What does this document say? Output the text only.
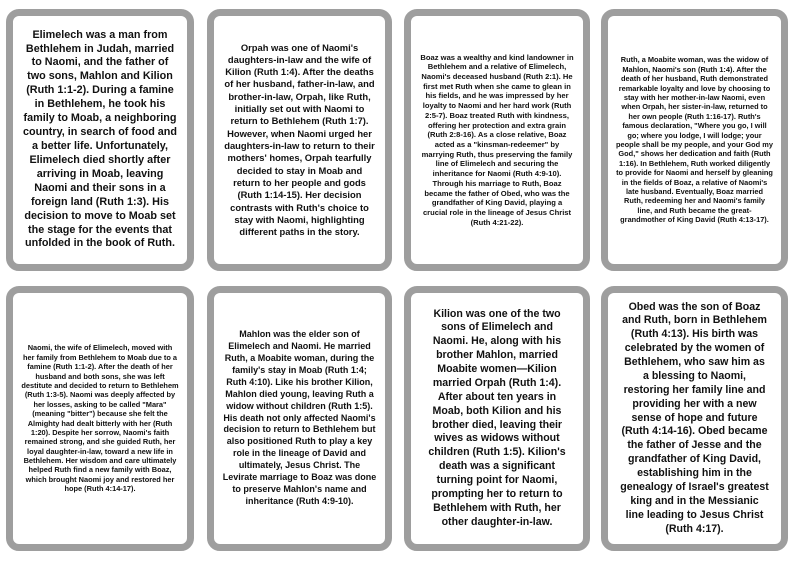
Elimelech was a man from Bethlehem in Judah, married to Naomi, and the father of two sons, Mahlon and Kilion (Ruth 1:1-2). During a famine in Bethlehem, he took his family to Moab, a neighboring country, in search of food and a better life. Unfortunately, Elimelech died shortly after arriving in Moab, leaving Naomi and their sons in a foreign land (Ruth 1:3). His decision to move to Moab set the stage for the events that unfolded in the book of Ruth.

Orpah was one of Naomi's daughters-in-law and the wife of Kilion (Ruth 1:4). After the deaths of her husband, father-in-law, and brother-in-law, Orpah, like Ruth, initially set out with Naomi to return to Bethlehem (Ruth 1:7). However, when Naomi urged her daughters-in-law to return to their mothers' homes, Orpah tearfully decided to stay in Moab and return to her people and gods (Ruth 1:14-15). Her decision contrasts with Ruth's choice to stay with Naomi, highlighting different paths in the story.

Boaz was a wealthy and kind landowner in Bethlehem and a relative of Elimelech, Naomi's deceased husband (Ruth 2:1). He first met Ruth when she came to glean in his fields, and he was impressed by her loyalty to Naomi and her hard work (Ruth 2:5-7). Boaz treated Ruth with kindness, offering her protection and extra grain (Ruth 2:8-16). As a close relative, Boaz acted as a "kinsman-redeemer" by marrying Ruth, thus preserving the family line of Elimelech and securing the inheritance for Naomi (Ruth 4:9-10). Through his marriage to Ruth, Boaz became the father of Obed, who was the grandfather of King David, playing a crucial role in the lineage of Jesus Christ (Ruth 4:21-22).

Ruth, a Moabite woman, was the widow of Mahlon, Naomi's son (Ruth 1:4). After the death of her husband, Ruth demonstrated remarkable loyalty and love by choosing to stay with her mother-in-law Naomi, even when Orpah, her sister-in-law, returned to her own people (Ruth 1:16-17). Ruth's famous declaration, "Where you go, I will go; where you lodge, I will lodge; your people shall be my people, and your God my God," shows her dedication and faith (Ruth 1:16). In Bethlehem, Ruth worked diligently to provide for Naomi and herself by gleaning in the fields of Boaz, a relative of Naomi's late husband. Eventually, Boaz married Ruth, redeeming her and Naomi's family line, and Ruth became the great-grandmother of King David (Ruth 4:13-17).

Naomi, the wife of Elimelech, moved with her family from Bethlehem to Moab due to a famine (Ruth 1:1-2). After the death of her husband and both sons, she was left destitute and decided to return to Bethlehem (Ruth 1:3-5). Naomi was deeply affected by her losses, asking to be called "Mara" (meaning "bitter") because she felt the Almighty had dealt bitterly with her (Ruth 1:20). Despite her sorrow, Naomi's faith remained strong, and she guided Ruth, her loyal daughter-in-law, toward a new life in Bethlehem. Her wisdom and care ultimately helped Ruth find a new family with Boaz, which brought Naomi joy and restored her hope (Ruth 4:14-17).

Mahlon was the elder son of Elimelech and Naomi. He married Ruth, a Moabite woman, during the family's stay in Moab (Ruth 1:4; Ruth 4:10). Like his brother Kilion, Mahlon died young, leaving Ruth a widow without children (Ruth 1:5). His death not only affected Naomi's decision to return to Bethlehem but also positioned Ruth to play a key role in the lineage of David and ultimately, Jesus Christ. The Levirate marriage to Boaz was done to preserve Mahlon's name and inheritance (Ruth 4:9-10).

Kilion was one of the two sons of Elimelech and Naomi. He, along with his brother Mahlon, married Moabite women—Kilion married Orpah (Ruth 1:4). After about ten years in Moab, both Kilion and his brother died, leaving their wives as widows without children (Ruth 1:5). Kilion's death was a significant turning point for Naomi, prompting her to return to Bethlehem with Ruth, her other daughter-in-law.

Obed was the son of Boaz and Ruth, born in Bethlehem (Ruth 4:13). His birth was celebrated by the women of Bethlehem, who saw him as a blessing to Naomi, restoring her family line and providing her with a new sense of hope and future (Ruth 4:14-16). Obed became the father of Jesse and the grandfather of King David, establishing him in the genealogy of Israel's greatest king and in the Messianic line leading to Jesus Christ (Ruth 4:17).
